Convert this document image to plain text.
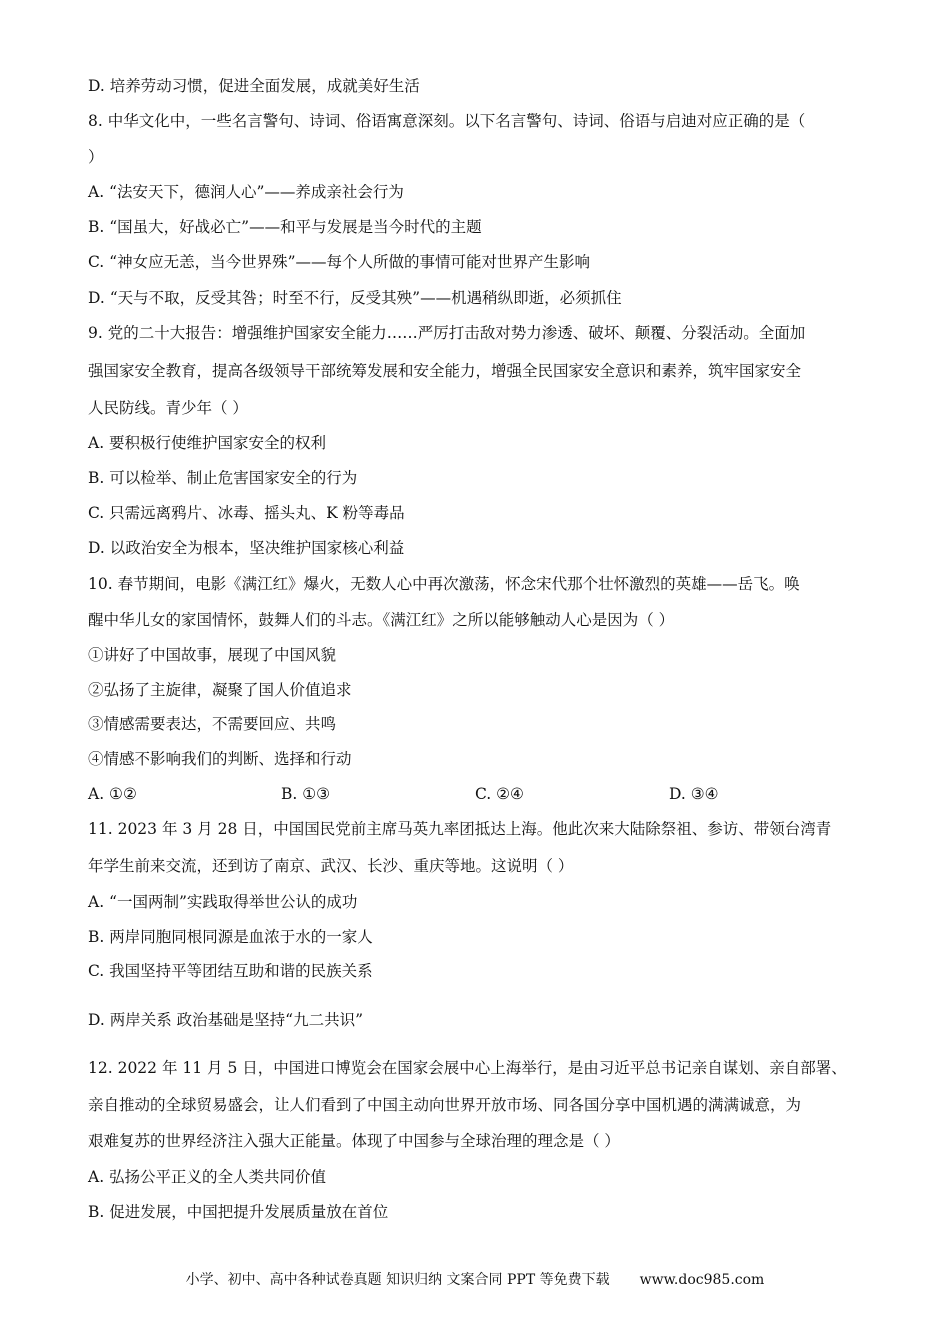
D. 培养劳动习惯，促进全面发展，成就美好生活

8. 中华文化中，一些名言警句、诗词、俗语寓意深刻。以下名言警句、诗词、俗语与启迪对应正确的是（

）

A. “法安天下，德润人心”——养成亲社会行为

B. “国虽大，好战必亡”——和平与发展是当今时代的主题

C. “神女应无恙，当今世界殊”——每个人所做的事情可能对世界产生影响

D. “天与不取，反受其咎；时至不行，反受其殃”——机遇稍纵即逝，必须抓住

9. 党的二十大报告：增强维护国家安全能力……严厉打击敌对势力渗透、破坏、颠覆、分裂活动。全面加

强国家安全教育，提高各级领导干部统筹发展和安全能力，增强全民国家安全意识和素养，筑牢国家安全

人民防线。青少年（ ）

A. 要积极行使维护国家安全的权利

B. 可以检举、制止危害国家安全的行为

C. 只需远离鸦片、冰毒、摇头丸、K 粉等毒品

D. 以政治安全为根本，坚决维护国家核心利益

10. 春节期间，电影《满江红》爆火，无数人心中再次激荡，怀念宋代那个壮怀激烈的英雄——岳飞。唤

醒中华儿女的家国情怀，鼓舞人们的斗志。《满江红》之所以能够触动人心是因为（ ）

①讲好了中国故事，展现了中国风貌

②弘扬了主旋律，凝聚了国人价值追求

③情感需要表达，不需要回应、共鸣

④情感不影响我们的判断、选择和行动

A. ①②	B. ①③	C. ②④	D. ③④

11. 2023 年 3 月 28 日，中国国民党前主席马英九率团抵达上海。他此次来大陆除祭祖、参访、带领台湾青

年学生前来交流，还到访了南京、武汉、长沙、重庆等地。这说明（ ）

A. “一国两制”实践取得举世公认的成功

B. 两岸同胞同根同源是血浓于水的一家人

C. 我国坚持平等团结互助和谐的民族关系

D. 两岸关系 政治基础是坚持“九二共识”

12. 2022 年 11 月 5 日，中国进口博览会在国家会展中心上海举行，是由习近平总书记亲自谋划、亲自部署、

亲自推动的全球贸易盛会，让人们看到了中国主动向世界开放市场、同各国分享中国机遇的满满诚意，为

艰难复苏的世界经济注入强大正能量。体现了中国参与全球治理的理念是（ ）

A. 弘扬公平正义的全人类共同价值

B. 促进发展，中国把提升发展质量放在首位

小学、初中、高中各种试卷真题 知识归纳 文案合同 PPT 等免费下载 www.doc985.com
